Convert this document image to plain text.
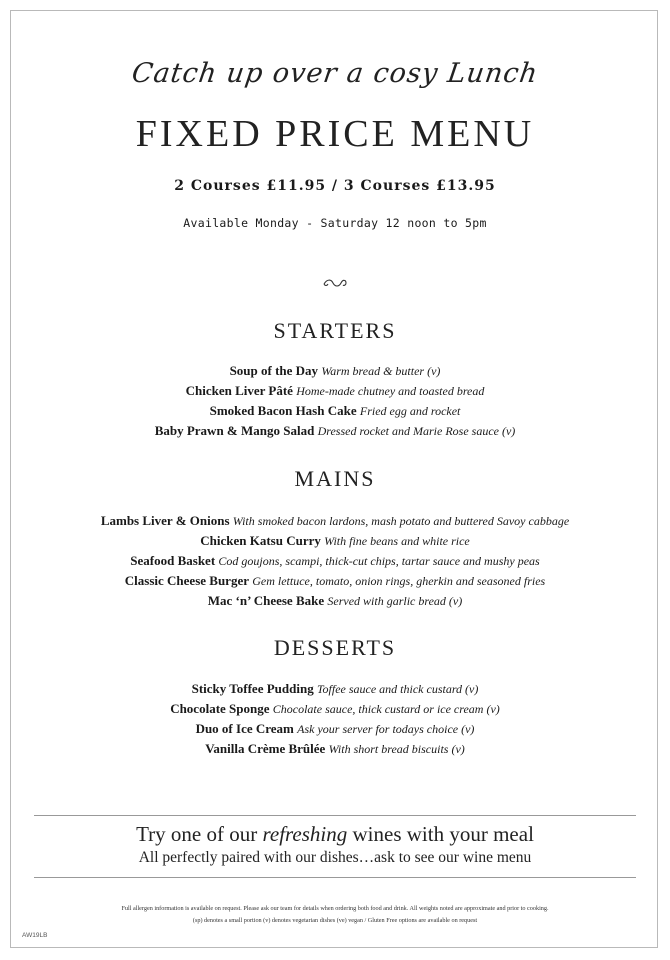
Catch up over a cosy Lunch
FIXED PRICE MENU
2 Courses £11.95 / 3 Courses £13.95
Available Monday - Saturday 12 noon to 5pm
STARTERS
Soup of the Day Warm bread & butter (v)
Chicken Liver Pâté Home-made chutney and toasted bread
Smoked Bacon Hash Cake Fried egg and rocket
Baby Prawn & Mango Salad Dressed rocket and Marie Rose sauce (v)
MAINS
Lambs Liver & Onions With smoked bacon lardons, mash potato and buttered Savoy cabbage
Chicken Katsu Curry With fine beans and white rice
Seafood Basket Cod goujons, scampi, thick-cut chips, tartar sauce and mushy peas
Classic Cheese Burger Gem lettuce, tomato, onion rings, gherkin and seasoned fries
Mac ‘n’ Cheese Bake Served with garlic bread (v)
DESSERTS
Sticky Toffee Pudding Toffee sauce and thick custard (v)
Chocolate Sponge Chocolate sauce, thick custard or ice cream (v)
Duo of Ice Cream Ask your server for todays choice (v)
Vanilla Crème Brûlée With short bread biscuits (v)
Try one of our refreshing wines with your meal
All perfectly paired with our dishes…ask to see our wine menu
Full allergen information is available on request. Please ask our team for details when ordering both food and drink. All weights noted are approximate and prior to cooking.
(sp) denotes a small portion (v) denotes vegetarian dishes (ve) vegan / Gluten Free options are available on request
AW19LB
